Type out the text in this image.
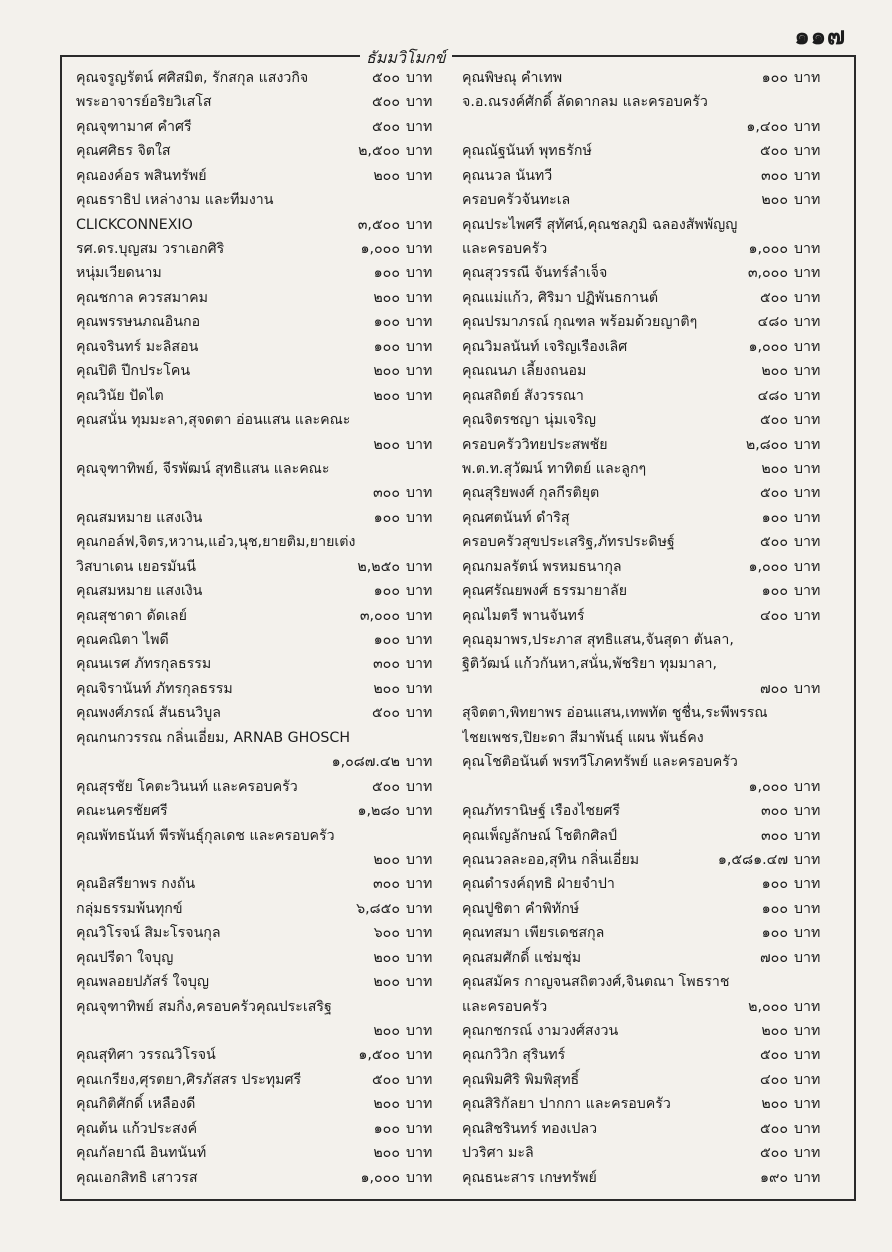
๑๑๗
ธัมมวิโมกข์
คุณจรูญรัตน์ ศศิสมิต, รักสกุล แสงวกิจ	๕๐๐ บาท
พระอาจารย์อริยวิเสโส	๕๐๐ บาท
คุณจุฑามาศ คำศรี	๕๐๐ บาท
คุณศศิธร จิตใส	๒,๕๐๐ บาท
คุณองค์อร พสินทรัพย์	๒๐๐ บาท
คุณธราธิป เหล่างาม และทีมงาน
CLICKCONNEXIO	๓,๕๐๐ บาท
รศ.ดร.บุญสม วราเอกศิริ	๑,๐๐๐ บาท
หนุ่มเวียดนาม	๑๐๐ บาท
คุณชกาล ควรสมาคม	๒๐๐ บาท
คุณพรรษนภณอินกอ	๑๐๐ บาท
คุณจรินทร์ มะลิสอน	๑๐๐ บาท
คุณปิติ ปีกประโคน	๒๐๐ บาท
คุณวินัย ปัดไต	๒๐๐ บาท
คุณสนั่น ทุมมะลา,สุจดตา อ่อนแสน และคณะ
๒๐๐ บาท
คุณจุฑาทิพย์, จีรพัฒน์ สุทธิแสน และคณะ
๓๐๐ บาท
คุณสมหมาย แสงเงิน	๑๐๐ บาท
คุณกอล์ฟ,จิตร,หวาน,แอ๋ว,นุช,ยายติม,ยายเต่ง
วิสบาเดน เยอรมันนี	๒,๒๕๐ บาท
คุณสมหมาย แสงเงิน	๑๐๐ บาท
คุณสุชาดา ดัดเลย์	๓,๐๐๐ บาท
คุณคณิตา ไพดี	๑๐๐ บาท
คุณนเรศ ภัทรกุลธรรม	๓๐๐ บาท
คุณจิรานันท์ ภัทรกุลธรรม	๒๐๐ บาท
คุณพงศ์ภรณ์ สันธนวิบูล	๕๐๐ บาท
คุณกนกวรรณ กลิ่นเอี่ยม, ARNAB GHOSCH
๑,๐๘๗.๔๒ บาท
คุณสุรชัย โคตะวินนท์ และครอบครัว	๕๐๐ บาท
คณะนครชัยศรี	๑,๒๘๐ บาท
คุณพัทธนันท์ พีรพันธุ์กุลเดช และครอบครัว
๒๐๐ บาท
คุณอิสรียาพร กงถัน	๓๐๐ บาท
กลุ่มธรรมพ้นทุกข์	๖,๘๕๐ บาท
คุณวิโรจน์ สิมะโรจนกุล	๖๐๐ บาท
คุณปรีดา ใจบุญ	๒๐๐ บาท
คุณพลอยปภัสร์ ใจบุญ	๒๐๐ บาท
คุณจุฑาทิพย์ สมกิ่ง,ครอบครัวคุณประเสริฐ
๒๐๐ บาท
คุณสุทิศา วรรณวิโรจน์	๑,๕๐๐ บาท
คุณเกรียง,ศุรตยา,ศิรภัสสร ประทุมศรี	๕๐๐ บาท
คุณกิติศักดิ์ เหลืองดี	๒๐๐ บาท
คุณต้น แก้วประสงค์	๑๐๐ บาท
คุณกัลยาณี อินทนันท์	๒๐๐ บาท
คุณเอกสิทธิ เสาวรส	๑,๐๐๐ บาท
คุณพิษณุ คำเทพ	๑๐๐ บาท
จ.อ.ณรงค์ศักดิ์ ลัดดากลม และครอบครัว
๑,๔๐๐ บาท
คุณณัฐนันท์ พุทธรักษ์	๕๐๐ บาท
คุณนวล นันทวี	๓๐๐ บาท
ครอบครัวจันทะเล	๒๐๐ บาท
คุณประไพศรี สุทัศน์,คุณชลภูมิ ฉลองสัพพัญญู
และครอบครัว	๑,๐๐๐ บาท
คุณสุวรรณี จันทร์ลำเจ็จ	๓,๐๐๐ บาท
คุณแม่แก้ว, ศิริมา ปฏิพันธกานต์	๕๐๐ บาท
คุณปรมาภรณ์ กุณฑล พร้อมด้วยญาติๆ	๔๘๐ บาท
คุณวิมลนันท์ เจริญเรืองเลิศ	๑,๐๐๐ บาท
คุณณนภ เลี้ยงถนอม	๒๐๐ บาท
คุณสถิตย์ สังวรรณา	๔๘๐ บาท
คุณจิตรชญา นุ่มเจริญ	๕๐๐ บาท
ครอบครัววิทยประสพชัย	๒,๘๐๐ บาท
พ.ต.ท.สุวัฒน์ ทาทิตย์ และลูกๆ	๒๐๐ บาท
คุณสุริยพงศ์ กุลกีรติยุต	๕๐๐ บาท
คุณศตนันท์ ดำริสุ	๑๐๐ บาท
ครอบครัวสุขประเสริฐ,ภัทรประดิษฐ์	๕๐๐ บาท
คุณกมลรัตน์ พรหมธนากุล	๑,๐๐๐ บาท
คุณศรัณยพงศ์ ธรรมายาลัย	๑๐๐ บาท
คุณไมตรี พานจันทร์	๔๐๐ บาท
คุณอุมาพร,ประภาส สุทธิแสน,จันสุดา ตันลา,
ฐิติวัฒน์ แก้วกันหา,สนั่น,พัชริยา ทุมมาลา,
๗๐๐ บาท
สุจิตตา,พิทยาพร อ่อนแสน,เทพทัต ชูชื่น,ระพีพรรณ
ไชยเพชร,ปิยะดา สีมาพันธุ์ แผน พันธ์คง
คุณโชติอนันต์ พรทวีโภคทรัพย์ และครอบครัว
๑,๐๐๐ บาท
คุณภัทรานิษฐ์ เรืองไชยศรี	๓๐๐ บาท
คุณเพ็ญลักษณ์ โชติกศิลป์	๓๐๐ บาท
คุณนวลละออ,สุทิน กลิ่นเอี่ยม	๑,๕๘๑.๔๗ บาท
คุณดำรงค์ฤทธิ ฝ่ายจำปา	๑๐๐ บาท
คุณปูชิตา คำพิทักษ์	๑๐๐ บาท
คุณทสมา เพียรเดชสกุล	๑๐๐ บาท
คุณสมศักดิ์ แช่มชุ่ม	๗๐๐ บาท
คุณสมัคร กาญจนสถิตวงศ์,จินตณา โพธราช
และครอบครัว	๒,๐๐๐ บาท
คุณกชกรณ์ งามวงศ์สงวน	๒๐๐ บาท
คุณกวิวิก สุรินทร์	๕๐๐ บาท
คุณพิมศิริ พิมพิสุทธิ์	๔๐๐ บาท
คุณสิริกัลยา ปากกา และครอบครัว	๒๐๐ บาท
คุณสิชรินทร์ ทองเปลว	๕๐๐ บาท
ปวริศา มะลิ	๕๐๐ บาท
คุณธนะสาร เกษทรัพย์	๑๙๐ บาท
